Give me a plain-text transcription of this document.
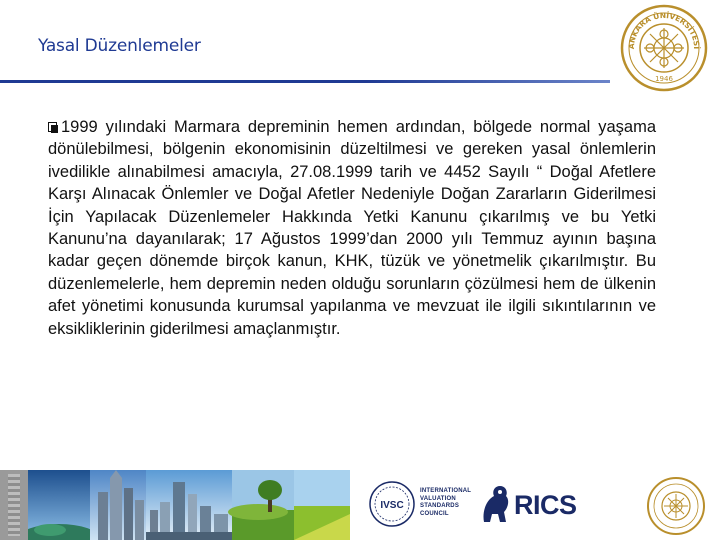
Yasal Düzenlemeler	ANKARA ÜNİVERSİTESİ
1946

1999 yılındaki Marmara depreminin hemen ardından, bölgede normal yaşama dönülebilmesi, bölgenin ekonomisinin düzeltilmesi ve gereken yasal önlemlerin ivedilikle alınabilmesi amacıyla, 27.08.1999 tarih ve 4452 Sayılı “ Doğal Afetlere Karşı Alınacak Önlemler ve Doğal Afetler Nedeniyle Doğan Zararların Giderilmesi İçin Yapılacak Düzenlemeler Hakkında Yetki Kanunu çıkarılmış ve bu Yetki Kanunu’na dayanılarak; 17 Ağustos 1999’dan 2000 yılı Temmuz ayının başına kadar geçen dönemde birçok kanun, KHK, tüzük ve yönetmelik çıkarılmıştır. Bu düzenlemelerle, hem depremin neden olduğu sorunların çözülmesi hem de ülkenin afet yönetimi konusunda kurumsal yapılanma ve mevzuat ile ilgili sıkıntılarının ve eksikliklerinin giderilmesi amaçlanmıştır.

IVSC
INTERNATIONAL
VALUATION
STANDARDS
COUNCIL	RICS
